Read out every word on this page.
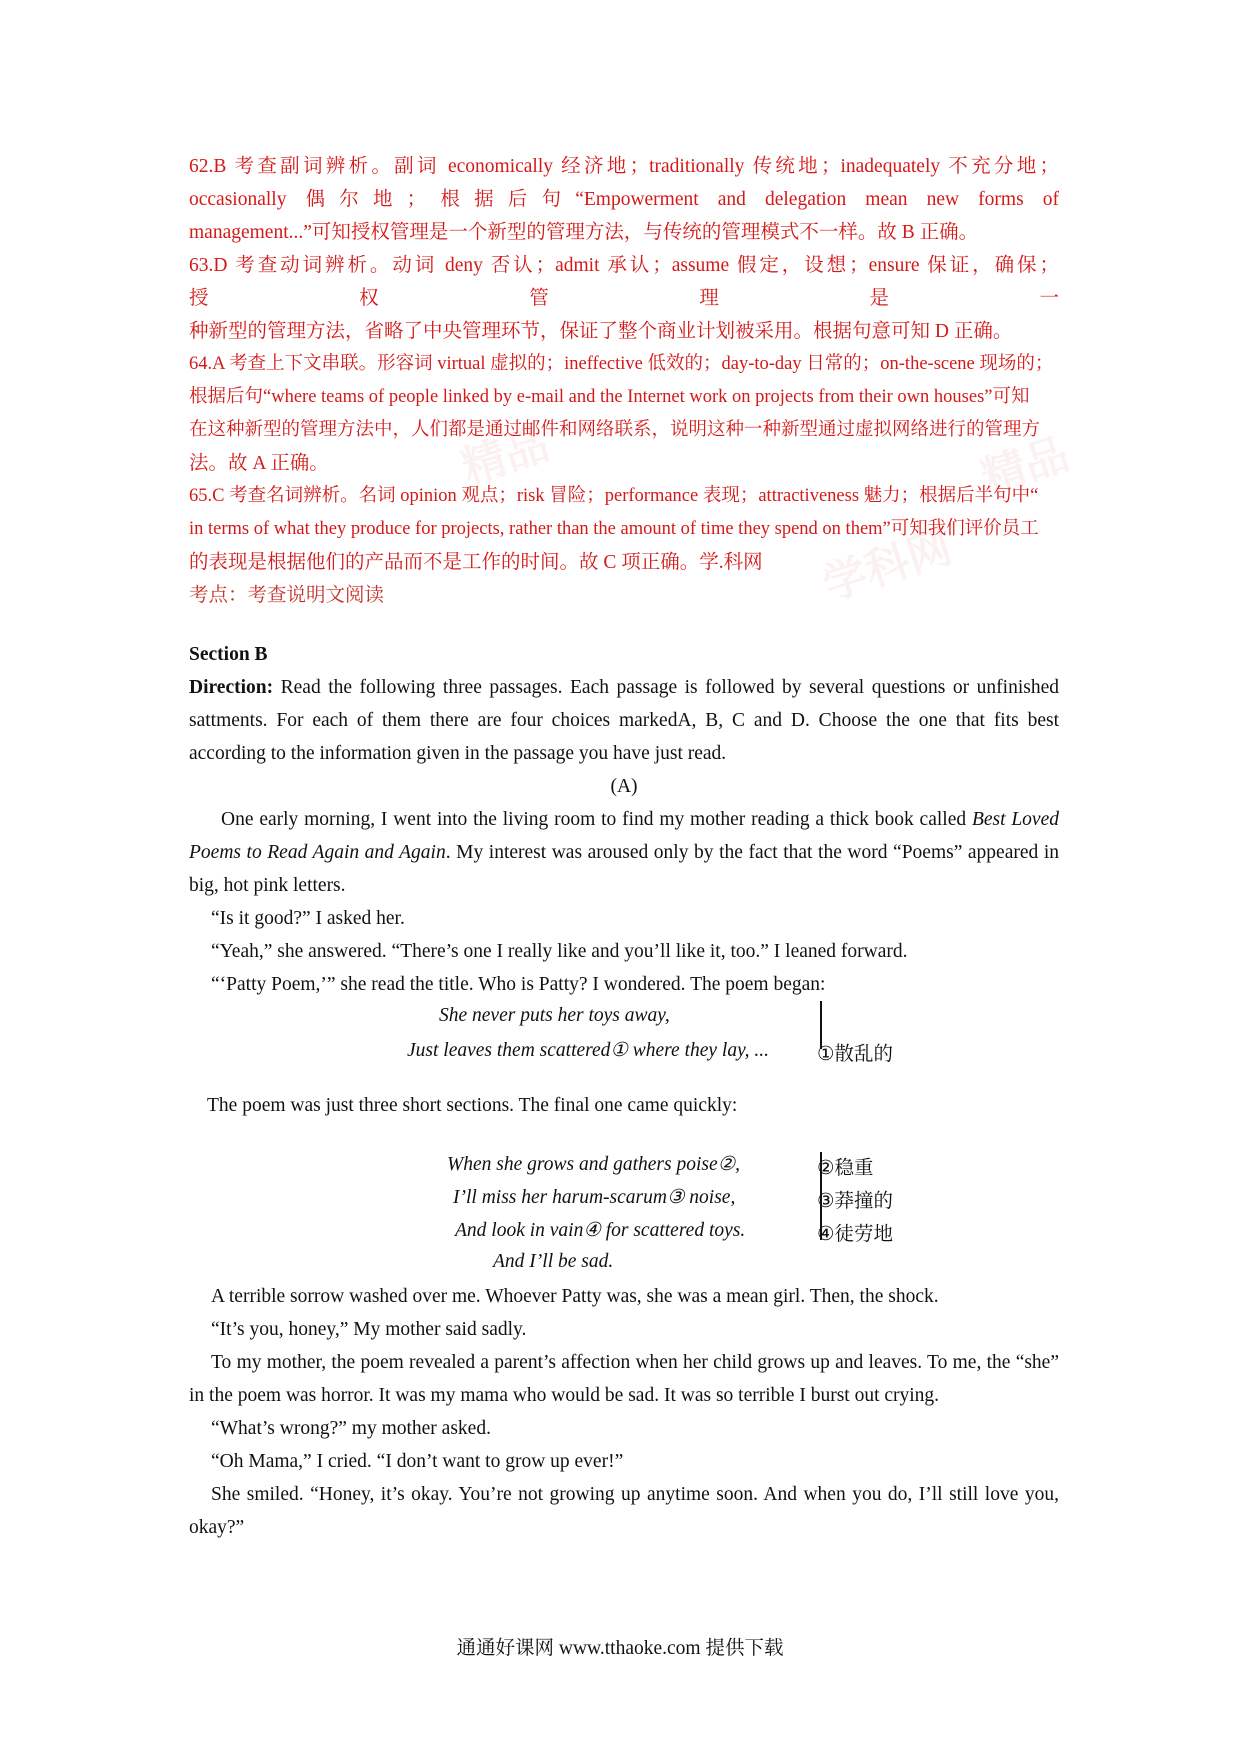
精品	精品
学科网

62.B 考查副词辨析。副词 economically 经济地；traditionally 传统地；inadequately 不充分地；

occasionally 偶尔地；根据后句“Empowerment and delegation mean new forms of

management...”可知授权管理是一个新型的管理方法，与传统的管理模式不一样。故 B 正确。

63.D 考查动词辨析。动词 deny 否认；admit 承认；assume 假定，设想；ensure 保证，确保；

授 权 管 理 是 一

种新型的管理方法，省略了中央管理环节，保证了整个商业计划被采用。根据句意可知 D 正确。

64.A 考查上下文串联。形容词 virtual 虚拟的；ineffective 低效的；day-to-day 日常的；on-the-scene 现场的；

根据后句“where teams of people linked by e-mail and the Internet work on projects from their own houses”可知

在这种新型的管理方法中，人们都是通过邮件和网络联系，说明这种一种新型通过虚拟网络进行的管理方

法。故 A 正确。

65.C 考查名词辨析。名词 opinion 观点；risk 冒险；performance 表现；attractiveness 魅力；根据后半句中“

in terms of what they produce for projects, rather than the amount of time they spend on them”可知我们评价员工

的表现是根据他们的产品而不是工作的时间。故 C 项正确。学.科网

考点：考查说明文阅读

Section B

Direction: Read the following three passages. Each passage is followed by several questions or unfinished sattments. For each of them there are four choices markedA, B, C and D. Choose the one that fits best according to the information given in the passage you have just read.

(A)

One early morning, I went into the living room to find my mother reading a thick book called Best Loved Poems to Read Again and Again. My interest was aroused only by the fact that the word “Poems” appeared in big, hot pink letters.

“Is it good?” I asked her.

“Yeah,” she answered. “There’s one I really like and you’ll like it, too.” I leaned forward.

“‘Patty Poem,’” she read the title. Who is Patty? I wondered. The poem began:

She never puts her toys away,
Just leaves them scattered① where they lay, ... ①散乱的

The poem was just three short sections. The final one came quickly:

When she grows and gathers poise②,
I’ll miss her harum-scarum③ noise,
And look in vain④ for scattered toys.
And I’ll be sad.
②稳重
③莽撞的
④徒劳地

A terrible sorrow washed over me. Whoever Patty was, she was a mean girl. Then, the shock.

“It’s you, honey,” My mother said sadly.

To my mother, the poem revealed a parent’s affection when her child grows up and leaves. To me, the “she” in the poem was horror. It was my mama who would be sad. It was so terrible I burst out crying.

“What’s wrong?” my mother asked.

“Oh Mama,” I cried. “I don’t want to grow up ever!”

She smiled. “Honey, it’s okay. You’re not growing up anytime soon. And when you do, I’ll still love you, okay?”

通通好课网 www.tthaoke.com 提供下载
